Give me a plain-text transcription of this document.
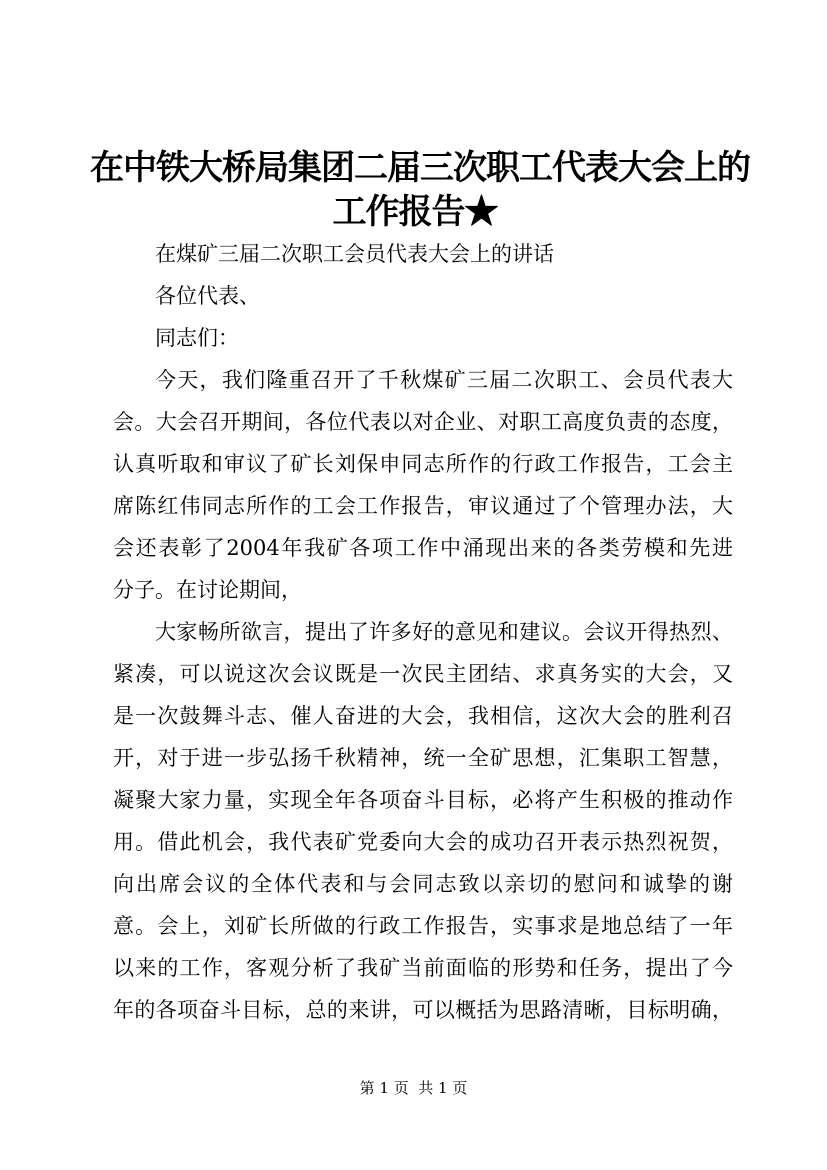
在中铁大桥局集团二届三次职工代表大会上的
工作报告★
在煤矿三届二次职工会员代表大会上的讲话
各位代表、
同志们：
今天，我们隆重召开了千秋煤矿三届二次职工、会员代表大
会。大会召开期间，各位代表以对企业、对职工高度负责的态度，
认真听取和审议了矿长刘保申同志所作的行政工作报告，工会主
席陈红伟同志所作的工会工作报告，审议通过了个管理办法，大
会还表彰了2004年我矿各项工作中涌现出来的各类劳模和先进
分子。在讨论期间，
大家畅所欲言，提出了许多好的意见和建议。会议开得热烈、
紧凑，可以说这次会议既是一次民主团结、求真务实的大会，又
是一次鼓舞斗志、催人奋进的大会，我相信，这次大会的胜利召
开，对于进一步弘扬千秋精神，统一全矿思想，汇集职工智慧，
凝聚大家力量，实现全年各项奋斗目标，必将产生积极的推动作
用。借此机会，我代表矿党委向大会的成功召开表示热烈祝贺，
向出席会议的全体代表和与会同志致以亲切的慰问和诚挚的谢
意。会上，刘矿长所做的行政工作报告，实事求是地总结了一年
以来的工作，客观分析了我矿当前面临的形势和任务，提出了今
年的各项奋斗目标，总的来讲，可以概括为思路清晰，目标明确，
第 1 页  共 1 页
